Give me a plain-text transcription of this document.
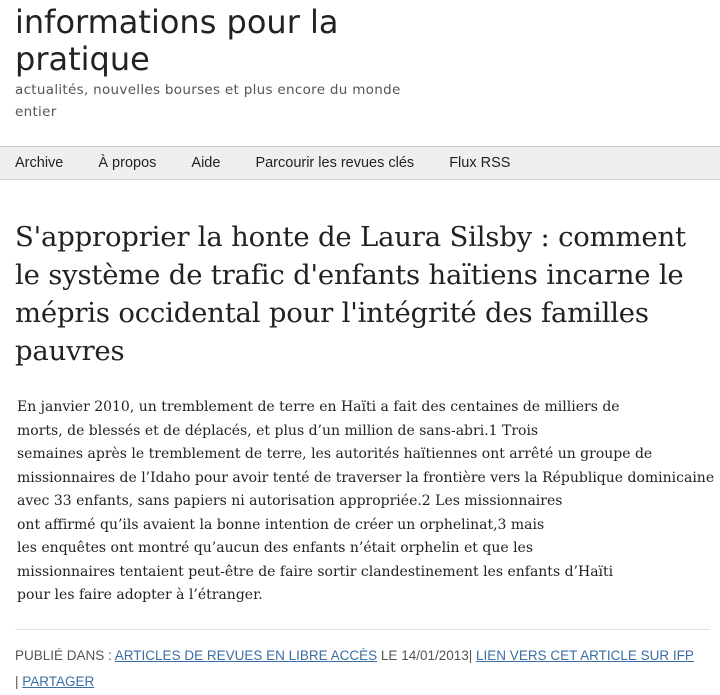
informations pour la pratique
actualités, nouvelles bourses et plus encore du monde entier
Archive	À propos	Aide	Parcourir les revues clés	Flux RSS
S'approprier la honte de Laura Silsby : comment le système de trafic d'enfants haïtiens incarne le mépris occidental pour l'intégrité des familles pauvres
En janvier 2010, un tremblement de terre en Haïti a fait des centaines de milliers de
morts, de blessés et de déplacés, et plus d’un million de sans-abri.1 Trois
semaines après le tremblement de terre, les autorités haïtiennes ont arrêté un groupe de
missionnaires de l’Idaho pour avoir tenté de traverser la frontière vers la République dominicaine
avec 33 enfants, sans papiers ni autorisation appropriée.2 Les missionnaires
ont affirmé qu’ils avaient la bonne intention de créer un orphelinat,3 mais
les enquêtes ont montré qu’aucun des enfants n’était orphelin et que les
missionnaires tentaient peut-être de faire sortir clandestinement les enfants d’Haïti
pour les faire adopter à l’étranger.
PUBLIÉ DANS : ARTICLES DE REVUES EN LIBRE ACCÈS LE 14/01/2013| LIEN VERS CET ARTICLE SUR IFP
| PARTAGER
